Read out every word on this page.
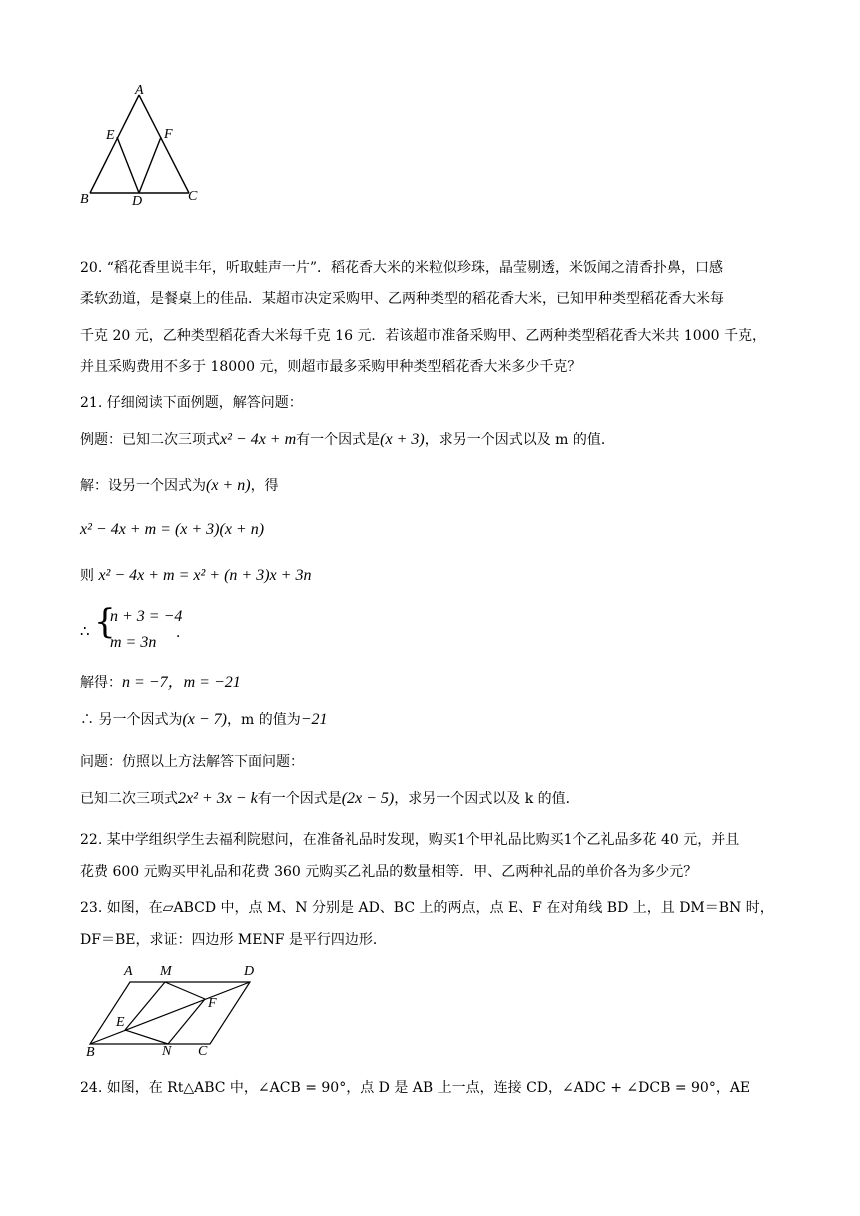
A
E	F
B	D	C
20. “稻花香里说丰年，听取蛙声一片”．稻花香大米的米粒似珍珠，晶莹剔透，米饭闻之清香扑鼻，口感
柔软劲道，是餐桌上的佳品．某超市决定采购甲、乙两种类型的稻花香大米，已知甲种类型稻花香大米每
千克 20 元，乙种类型稻花香大米每千克 16 元．若该超市准备采购甲、乙两种类型稻花香大米共 1000 千克，
并且采购费用不多于 18000 元，则超市最多采购甲种类型稻花香大米多少千克？
21. 仔细阅读下面例题，解答问题：
例题：已知二次三项式x² − 4x + m有一个因式是(x + 3)，求另一个因式以及 m 的值．
解：设另一个因式为(x + n)，得
x² − 4x + m = (x + 3)(x + n)
则 x² − 4x + m = x² + (n + 3)x + 3n
∴ {
n + 3 = −4
m = 3n
．
解得：n = −7，m = −21
∴ 另一个因式为(x − 7)，m 的值为−21
问题：仿照以上方法解答下面问题：
已知二次三项式2x² + 3x − k有一个因式是(2x − 5)，求另一个因式以及 k 的值．
22. 某中学组织学生去福利院慰问，在准备礼品时发现，购买1个甲礼品比购买1个乙礼品多花 40 元，并且
花费 600 元购买甲礼品和花费 360 元购买乙礼品的数量相等．甲、乙两种礼品的单价各为多少元？
23. 如图，在▱ABCD 中，点 M、N 分别是 AD、BC 上的两点，点 E、F 在对角线 BD 上，且 DM＝BN 时，
DF＝BE，求证：四边形 MENF 是平行四边形．
A M	D
F
E
B	N C
24. 如图，在 Rt△ABC 中，∠ACB = 90°，点 D 是 AB 上一点，连接 CD，∠ADC + ∠DCB = 90°，AE
